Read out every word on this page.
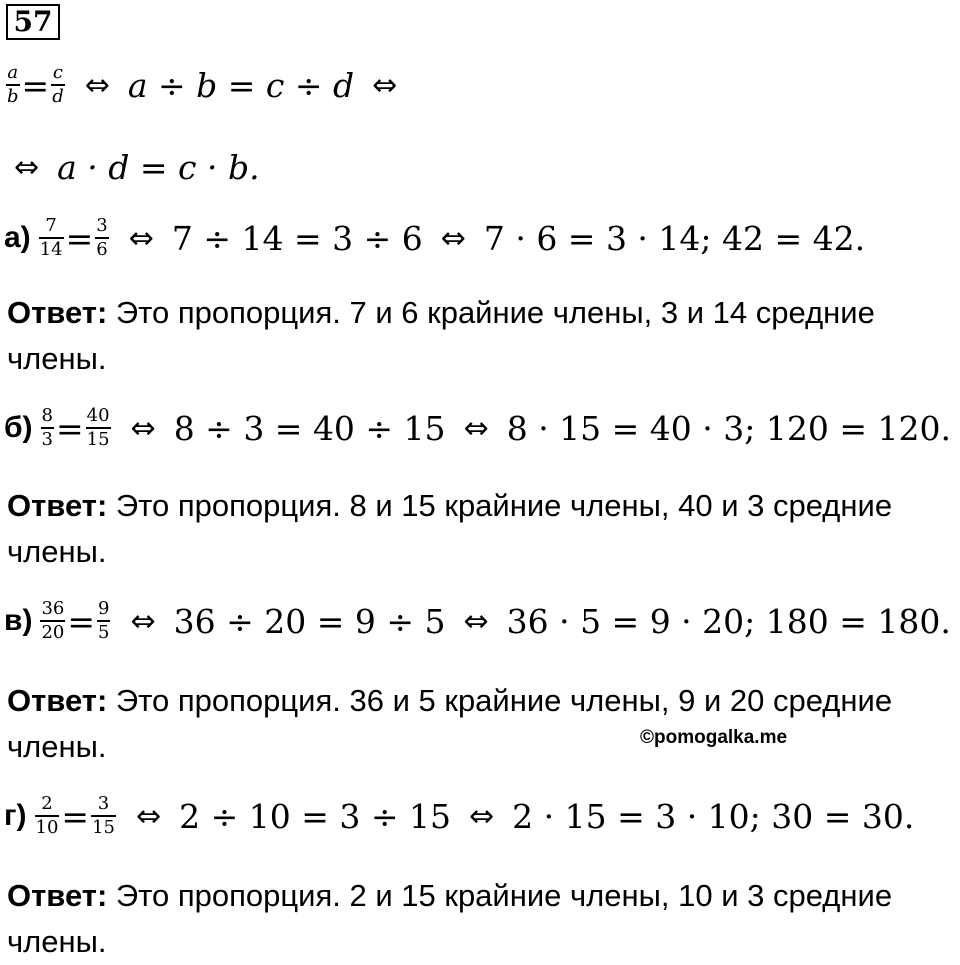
57
$\frac{a}{b} = \frac{c}{d}$ ⇔ a ÷ b = c ÷ d ⇔
⇔ a · d = c · b.
$а) \frac{7}{14} = \frac{3}{6}$ ⇔ 7 ÷ 14 = 3 ÷ 6 ⇔ 7 · 6 = 3 · 14; 42 = 42.
Ответ: Это пропорция. 7 и 6 крайние члены, 3 и 14 средние
члены.
$б) \frac{8}{3} = \frac{40}{15}$ ⇔ 8 ÷ 3 = 40 ÷ 15 ⇔ 8 · 15 = 40 · 3; 120 = 120.
Ответ: Это пропорция. 8 и 15 крайние члены, 40 и 3 средние
члены.
$в) \frac{36}{20} = \frac{9}{5}$ ⇔ 36 ÷ 20 = 9 ÷ 5 ⇔ 36 · 5 = 9 · 20; 180 = 180.
Ответ: Это пропорция. 36 и 5 крайние члены, 9 и 20 средние
члены.	©pomogalka.me
$г) \frac{2}{10} = \frac{3}{15}$ ⇔ 2 ÷ 10 = 3 ÷ 15 ⇔ 2 · 15 = 3 · 10; 30 = 30.
Ответ: Это пропорция. 2 и 15 крайние члены, 10 и 3 средние
члены.
